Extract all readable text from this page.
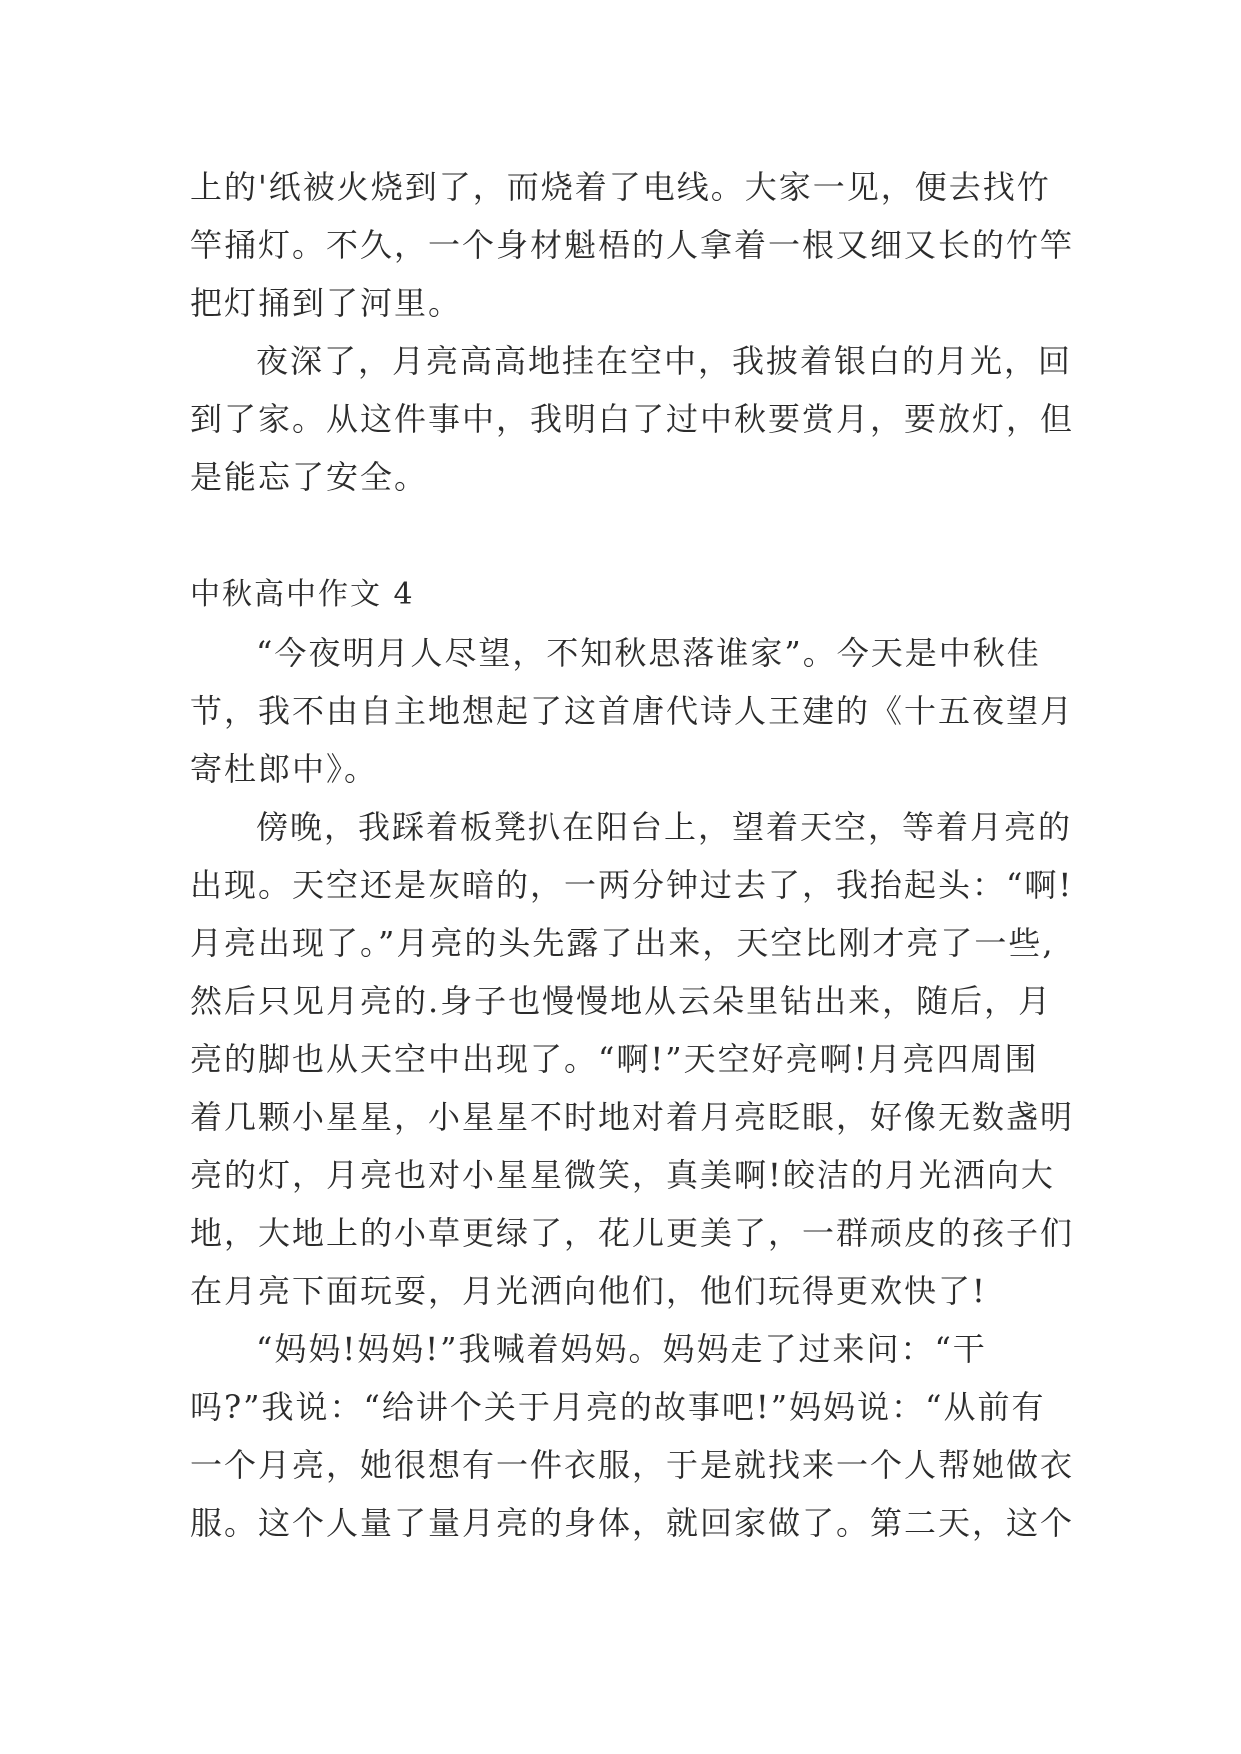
上的'纸被火烧到了，而烧着了电线。大家一见，便去找竹
竿捅灯。不久，一个身材魁梧的人拿着一根又细又长的竹竿
把灯捅到了河里。
夜深了，月亮高高地挂在空中，我披着银白的月光，回
到了家。从这件事中，我明白了过中秋要赏月，要放灯，但
是能忘了安全。
中秋高中作文 4
“今夜明月人尽望，不知秋思落谁家”。今天是中秋佳
节，我不由自主地想起了这首唐代诗人王建的《十五夜望月
寄杜郎中》。
傍晚，我踩着板凳扒在阳台上，望着天空，等着月亮的
出现。天空还是灰暗的，一两分钟过去了，我抬起头：“啊!
月亮出现了。”月亮的头先露了出来，天空比刚才亮了一些,
然后只见月亮的.身子也慢慢地从云朵里钻出来，随后，月
亮的脚也从天空中出现了。“啊!”天空好亮啊!月亮四周围
着几颗小星星，小星星不时地对着月亮眨眼，好像无数盏明
亮的灯，月亮也对小星星微笑，真美啊!皎洁的月光洒向大
地，大地上的小草更绿了，花儿更美了，一群顽皮的孩子们
在月亮下面玩耍，月光洒向他们，他们玩得更欢快了!
“妈妈!妈妈!”我喊着妈妈。妈妈走了过来问：“干
吗?”我说：“给讲个关于月亮的故事吧!”妈妈说：“从前有
一个月亮，她很想有一件衣服，于是就找来一个人帮她做衣
服。这个人量了量月亮的身体，就回家做了。第二天，这个
